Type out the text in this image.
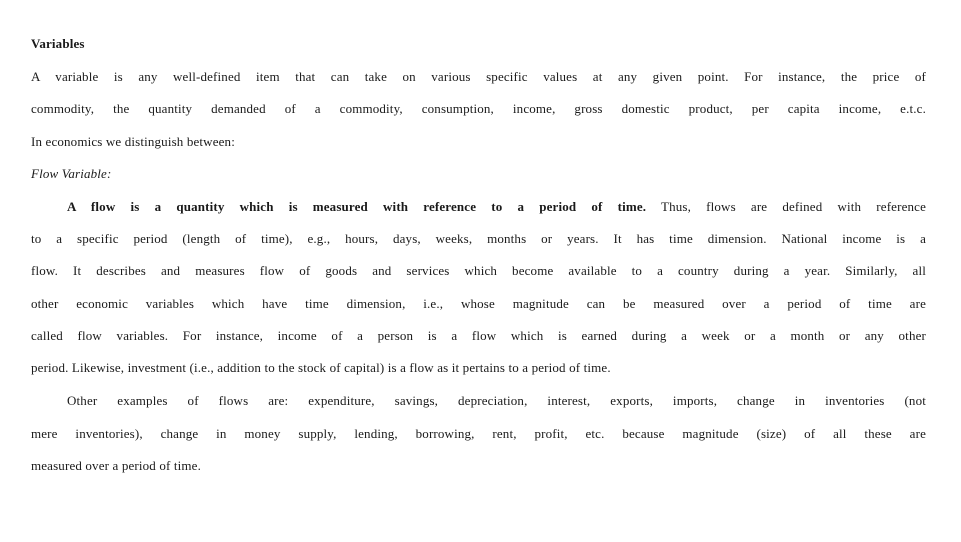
Variables
A variable is any well-defined item that can take on various specific values at any given point. For instance, the price of
commodity, the quantity demanded of a commodity, consumption, income, gross domestic product, per capita income, e.t.c.
In economics we distinguish between:
Flow Variable:
A flow is a quantity which is measured with reference to a period of time. Thus, flows are defined with reference
to a specific period (length of time), e.g., hours, days, weeks, months or years. It has time dimension. National income is a
flow. It describes and measures flow of goods and services which become available to a country during a year. Similarly, all
other economic variables which have time dimension, i.e., whose magnitude can be measured over a period of time are
called flow variables. For instance, income of a person is a flow which is earned during a week or a month or any other
period. Likewise, investment (i.e., addition to the stock of capital) is a flow as it pertains to a period of time.
Other examples of flows are: expenditure, savings, depreciation, interest, exports, imports, change in inventories (not
mere inventories), change in money supply, lending, borrowing, rent, profit, etc. because magnitude (size) of all these are
measured over a period of time.
